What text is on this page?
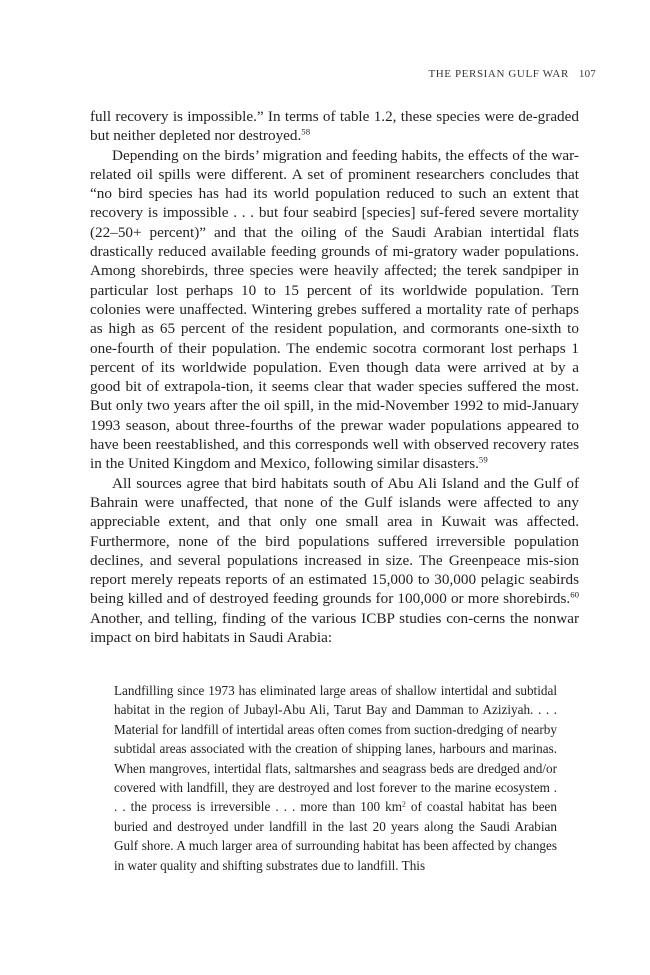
THE PERSIAN GULF WAR 107

full recovery is impossible.” In terms of table 1.2, these species were de-graded but neither depleted nor destroyed.$^{58}$

Depending on the birds’ migration and feeding habits, the effects of the war-related oil spills were different. A set of prominent researchers concludes that “no bird species has had its world population reduced to such an extent that recovery is impossible . . . but four seabird [species] suf-fered severe mortality (22–50+ percent)” and that the oiling of the Saudi Arabian intertidal flats drastically reduced available feeding grounds of mi-gratory wader populations. Among shorebirds, three species were heavily affected; the terek sandpiper in particular lost perhaps 10 to 15 percent of its worldwide population. Tern colonies were unaffected. Wintering grebes suffered a mortality rate of perhaps as high as 65 percent of the resident population, and cormorants one-sixth to one-fourth of their population. The endemic socotra cormorant lost perhaps 1 percent of its worldwide population. Even though data were arrived at by a good bit of extrapola-tion, it seems clear that wader species suffered the most. But only two years after the oil spill, in the mid-November 1992 to mid-January 1993 season, about three-fourths of the prewar wader populations appeared to have been reestablished, and this corresponds well with observed recovery rates in the United Kingdom and Mexico, following similar disasters.$^{59}$

All sources agree that bird habitats south of Abu Ali Island and the Gulf of Bahrain were unaffected, that none of the Gulf islands were affected to any appreciable extent, and that only one small area in Kuwait was affected. Furthermore, none of the bird populations suffered irreversible population declines, and several populations increased in size. The Greenpeace mis-sion report merely repeats reports of an estimated 15,000 to 30,000 pelagic seabirds being killed and of destroyed feeding grounds for 100,000 or more shorebirds.$^{60}$ Another, and telling, finding of the various ICBP studies con-cerns the nonwar impact on bird habitats in Saudi Arabia:

Landfilling since 1973 has eliminated large areas of shallow intertidal and subtidal habitat in the region of Jubayl-Abu Ali, Tarut Bay and Damman to Aziziyah. . . . Material for landfill of intertidal areas often comes from suction-dredging of nearby subtidal areas associated with the creation of shipping lanes, harbours and marinas. When mangroves, intertidal flats, saltmarshes and seagrass beds are dredged and/or covered with landfill, they are destroyed and lost forever to the marine ecosystem . . . the process is irreversible . . . more than 100 $km^2$ of coastal habitat has been buried and destroyed under landfill in the last 20 years along the Saudi Arabian Gulf shore. A much larger area of surrounding habitat has been affected by changes in water quality and shifting substrates due to landfill. This
